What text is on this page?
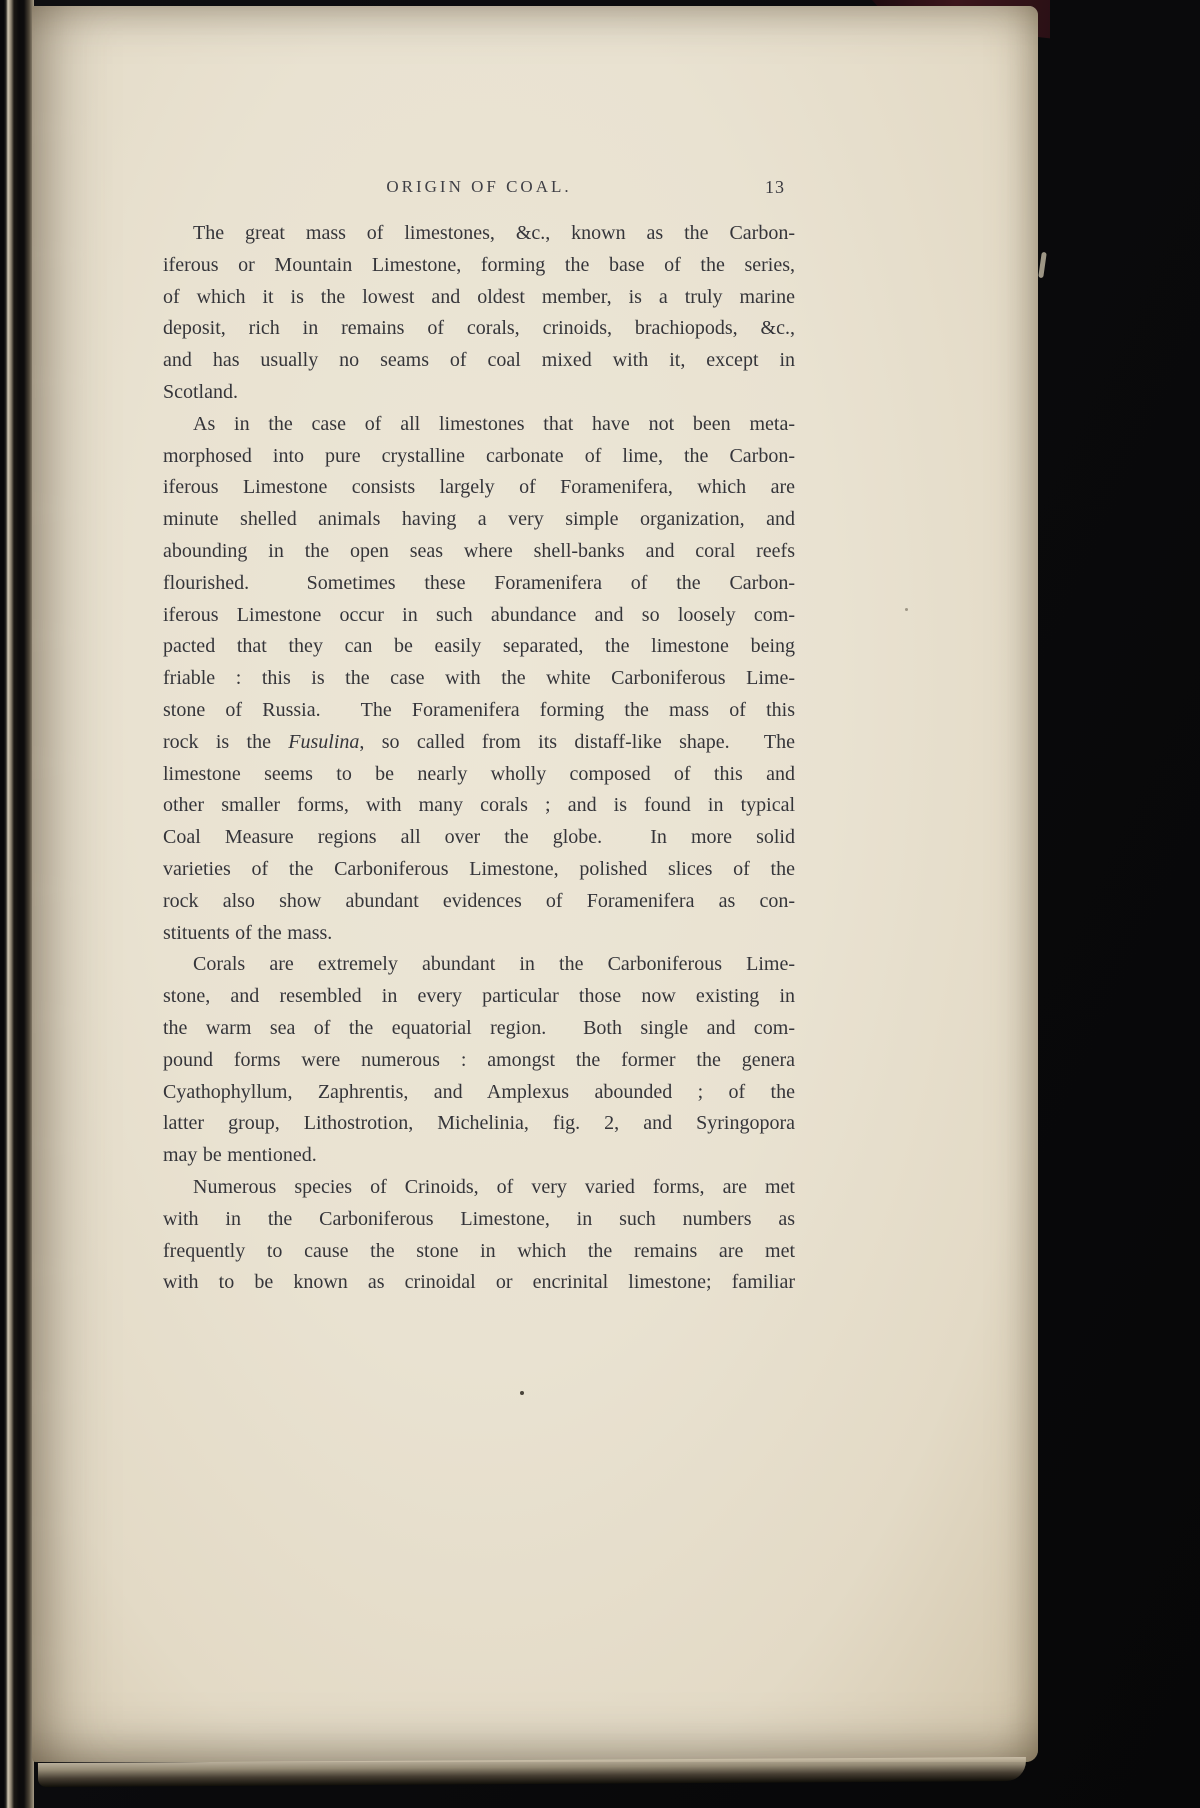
ORIGIN OF COAL.	13
The great mass of limestones, &c., known as the Carbon-
iferous or Mountain Limestone, forming the base of the series,
of which it is the lowest and oldest member, is a truly marine
deposit, rich in remains of corals, crinoids, brachiopods, &c.,
and has usually no seams of coal mixed with it, except in
Scotland.
As in the case of all limestones that have not been meta-
morphosed into pure crystalline carbonate of lime, the Carbon-
iferous Limestone consists largely of Foramenifera, which are
minute shelled animals having a very simple organization, and
abounding in the open seas where shell-banks and coral reefs
flourished.  Sometimes these Foramenifera of the Carbon-
iferous Limestone occur in such abundance and so loosely com-
pacted that they can be easily separated, the limestone being
friable : this is the case with the white Carboniferous Lime-
stone of Russia.  The Foramenifera forming the mass of this
rock is the Fusulina, so called from its distaff-like shape.  The
limestone seems to be nearly wholly composed of this and
other smaller forms, with many corals ; and is found in typical
Coal Measure regions all over the globe.  In more solid
varieties of the Carboniferous Limestone, polished slices of the
rock also show abundant evidences of Foramenifera as con-
stituents of the mass.
Corals are extremely abundant in the Carboniferous Lime-
stone, and resembled in every particular those now existing in
the warm sea of the equatorial region.  Both single and com-
pound forms were numerous : amongst the former the genera
Cyathophyllum, Zaphrentis, and Amplexus abounded ; of the
latter group, Lithostrotion, Michelinia, fig. 2, and Syringopora
may be mentioned.
Numerous species of Crinoids, of very varied forms, are met
with in the Carboniferous Limestone, in such numbers as
frequently to cause the stone in which the remains are met
with to be known as crinoidal or encrinital limestone; familiar
